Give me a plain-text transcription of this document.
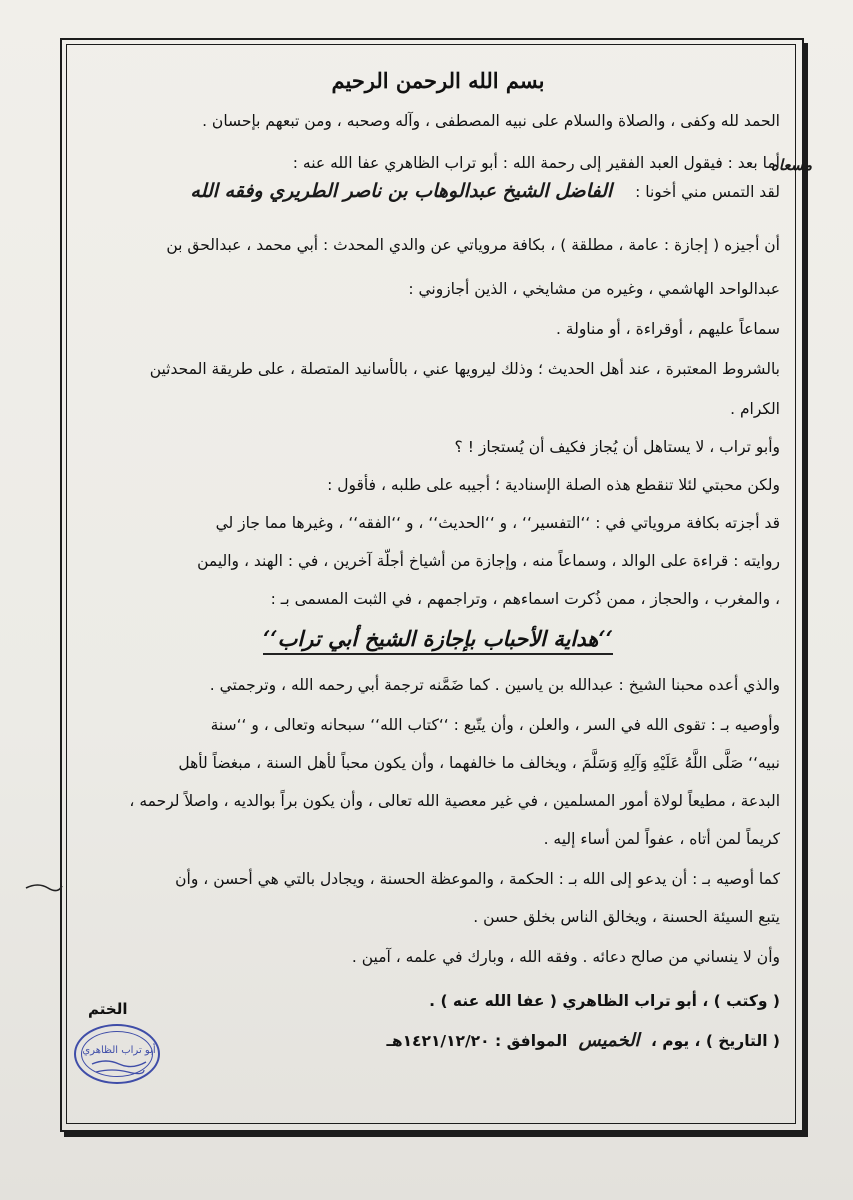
بسم الله الرحمن الرحيم
الحمد لله وكفى ، والصلاة والسلام على نبيه المصطفى ، وآله وصحبه ، ومن تبعهم بإحسان .
أما بعد : فيقول العبد الفقير إلى رحمة الله : أبو تراب الظاهري عفا الله عنه :
لقد التمس مني أخونا : الفاضل الشيخ عبدالوهاب بن ناصر الطريري وفقه الله
مسعاه
أن أجيزه ( إجازة : عامة ، مطلقة ) ، بكافة مروياتي عن والدي المحدث : أبي محمد ، عبدالحق بن
عبدالواحد الهاشمي ، وغيره من مشايخي ، الذين أجازوني :
سماعاً عليهم ، أوقراءة ، أو مناولة .
بالشروط المعتبرة ، عند أهل الحديث ؛ وذلك ليرويها عني ، بالأسانيد المتصلة ، على طريقة المحدثين
الكرام .
وأبو تراب ، لا يستاهل أن يُجاز فكيف أن يُستجاز ! ؟
ولكن محبتي لئلا تنقطع هذه الصلة الإسنادية ؛ أجيبه على طلبه ، فأقول :
قد أجزته بكافة مروياتي في : ‘‘التفسير‘‘ ، و ‘‘الحديث‘‘ ، و ‘‘الفقه‘‘ ، وغيرها مما جاز لي
روايته : قراءة على الوالد ، وسماعاً منه ، وإجازة من أشياخ أجلّة آخرين ، في : الهند ، واليمن
، والمغرب ، والحجاز ، ممن ذُكرت اسماءهم ، وتراجمهم ، في الثبت المسمى بـ :
‘‘هداية الأحباب بإجازة الشيخ أبي تراب‘‘
والذي أعده محبنا الشيخ : عبدالله بن ياسين . كما ضَمَّنه ترجمة أبي رحمه الله ، وترجمتي .
وأوصيه بـ : تقوى الله في السر ، والعلن ، وأن يتّبع : ‘‘كتاب الله‘‘ سبحانه وتعالى ، و ‘‘سنة
نبيه‘‘ صَلَّى اللَّهُ عَلَيْهِ وَآلِهِ وَسَلَّمَ ، ويخالف ما خالفهما ، وأن يكون محباً لأهل السنة ، مبغضاً لأهل
البدعة ، مطيعاً لولاة أمور المسلمين ، في غير معصية الله تعالى ، وأن يكون براً بوالديه ، واصلاً لرحمه ،
كريماً لمن أتاه ، عفواً لمن أساء إليه .
كما أوصيه بـ : أن يدعو إلى الله بـ : الحكمة ، والموعظة الحسنة ، ويجادل بالتي هي أحسن ، وأن
يتبع السيئة الحسنة ، ويخالق الناس بخلق حسن .
وأن لا ينساني من صالح دعائه . وفقه الله ، وبارك في علمه ، آمين .
( وكتب ) ، أبو تراب الظاهري ( عفا الله عنه ) .
( التاريخ ) ، يوم ، الخميس الموافق : ١٤٢١/١٢/٢٠هـ
الختم
أبو تراب الظاهري
